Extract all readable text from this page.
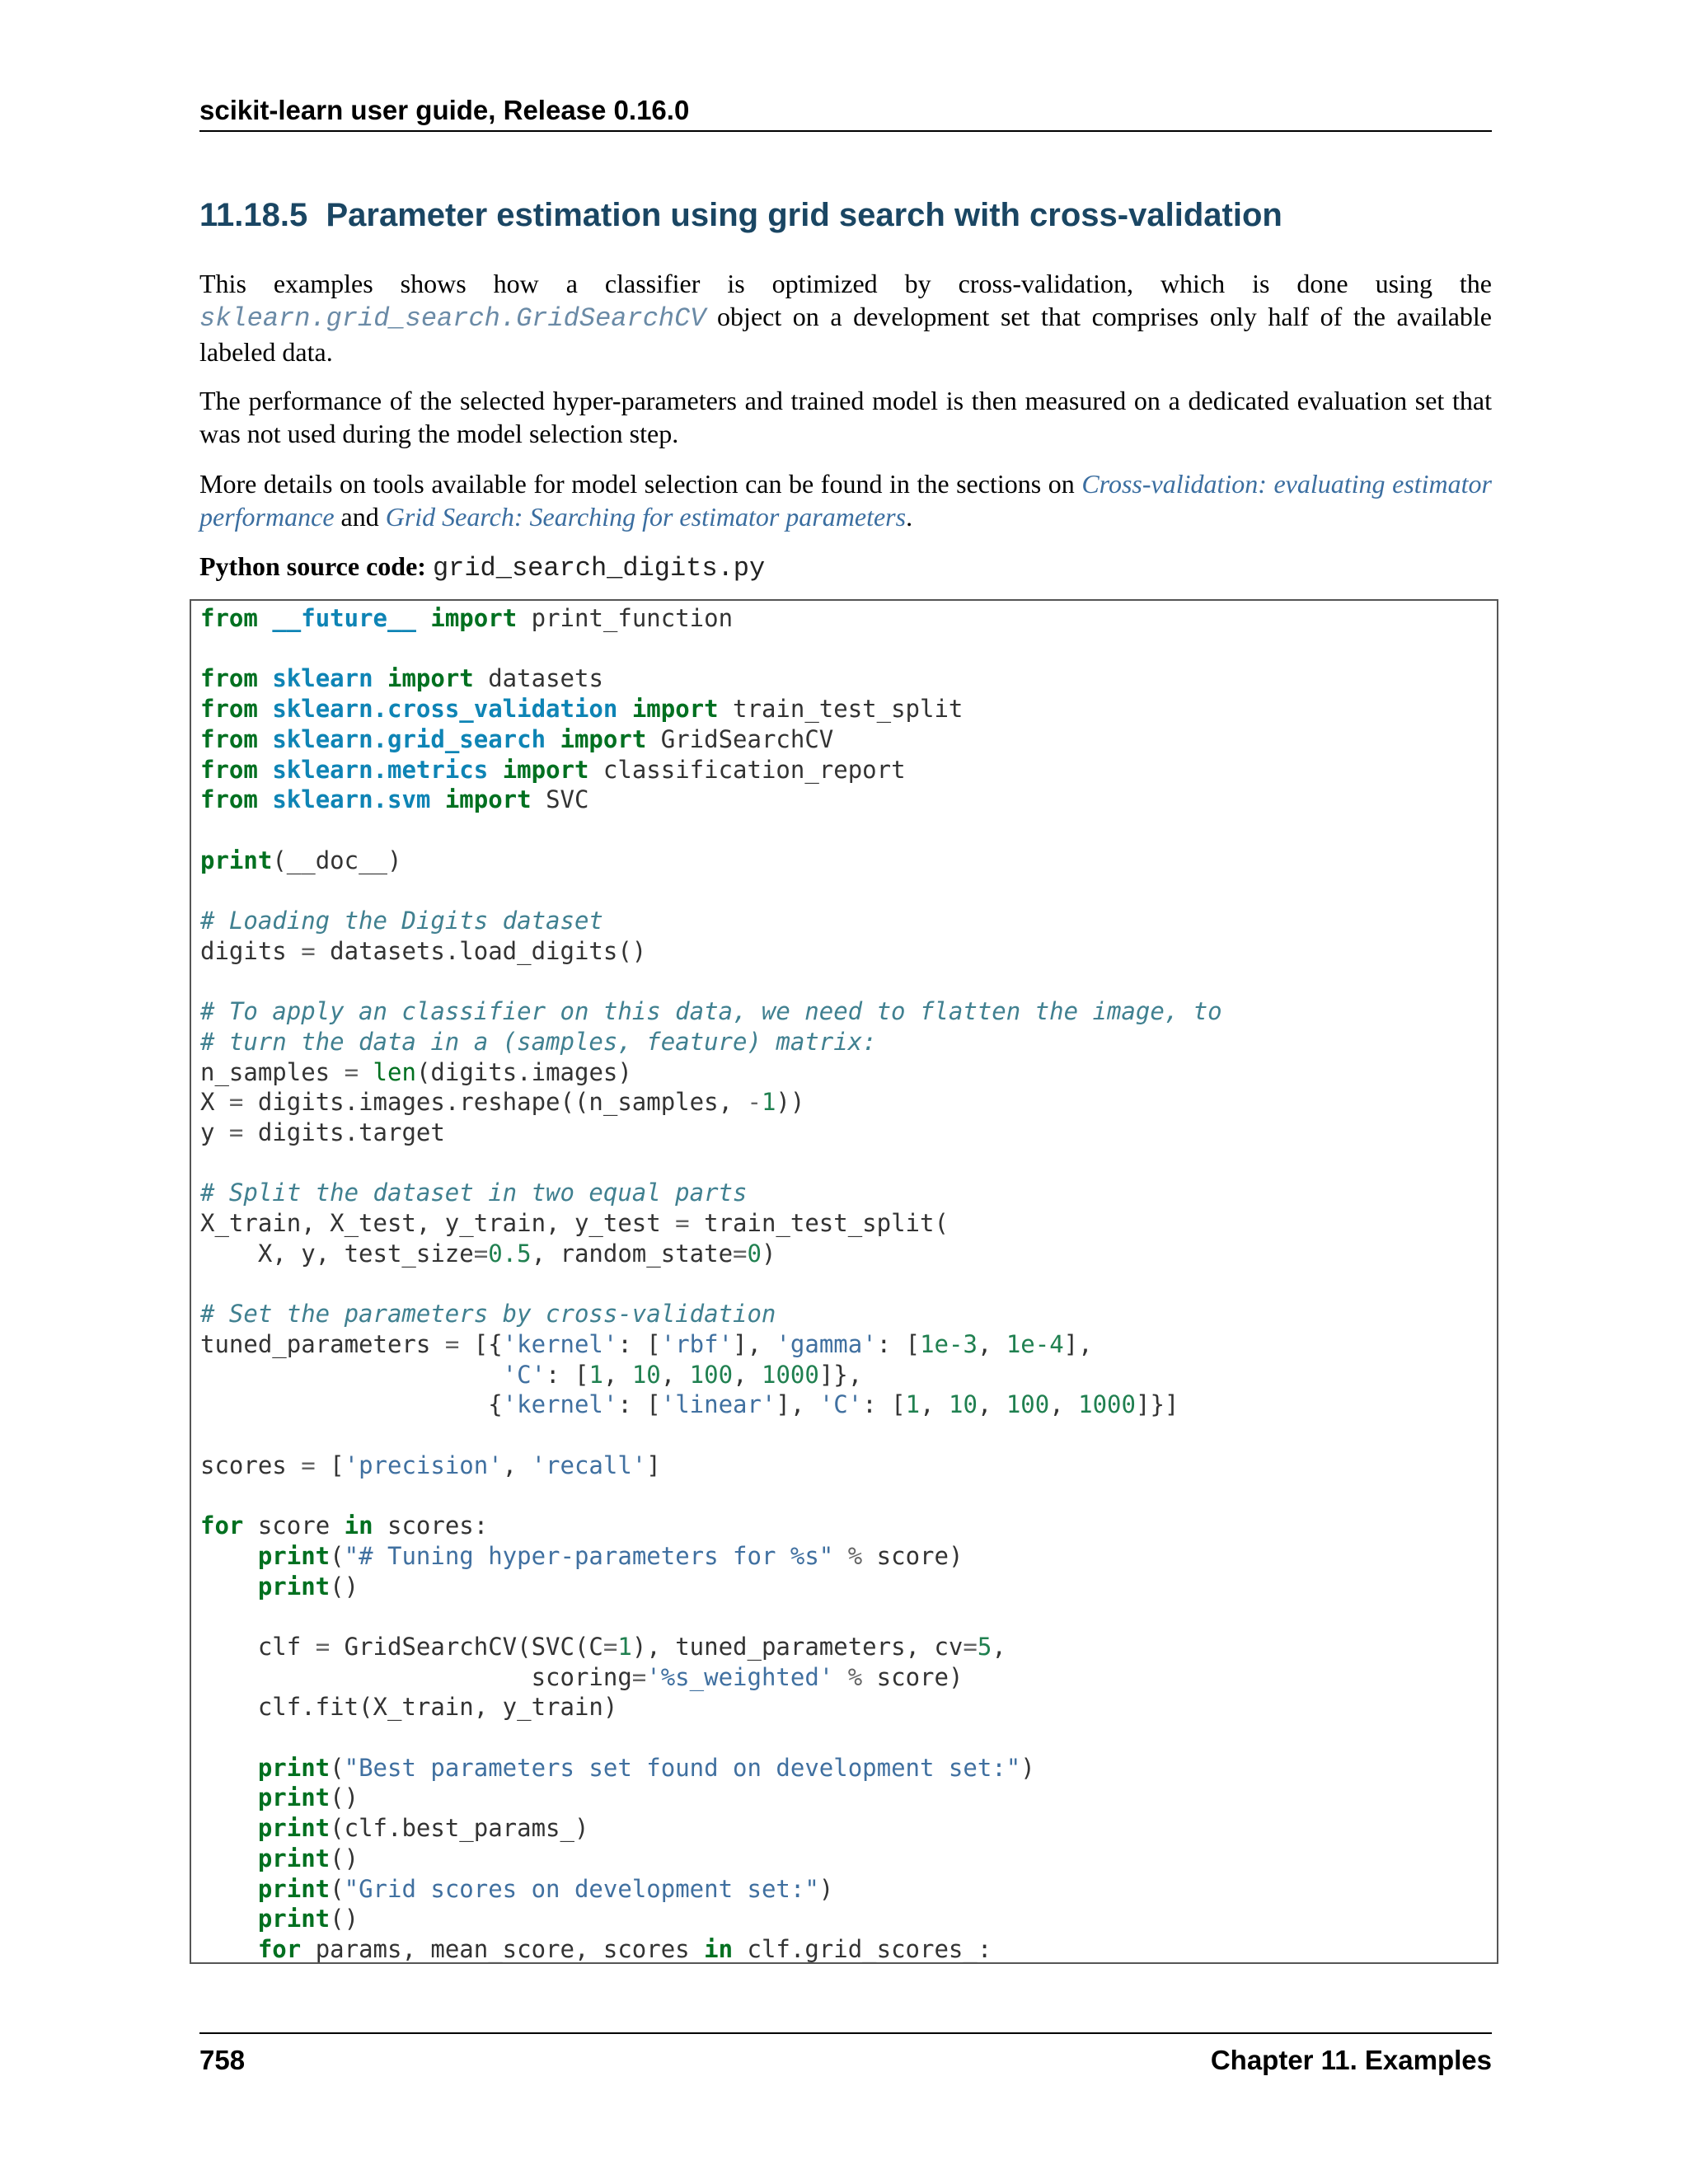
scikit-learn user guide, Release 0.16.0
11.18.5 Parameter estimation using grid search with cross-validation

This examples shows how a classifier is optimized by cross-validation, which is done using the sklearn.grid_search.GridSearchCV object on a development set that comprises only half of the available labeled data.

The performance of the selected hyper-parameters and trained model is then measured on a dedicated evaluation set that was not used during the model selection step.

More details on tools available for model selection can be found in the sections on Cross-validation: evaluating estimator performance and Grid Search: Searching for estimator parameters.

Python source code: grid_search_digits.py
from __future__ import print_function

from sklearn import datasets
from sklearn.cross_validation import train_test_split
from sklearn.grid_search import GridSearchCV
from sklearn.metrics import classification_report
from sklearn.svm import SVC

print(__doc__)

# Loading the Digits dataset
digits = datasets.load_digits()

# To apply an classifier on this data, we need to flatten the image, to
# turn the data in a (samples, feature) matrix:
n_samples = len(digits.images)
X = digits.images.reshape((n_samples, -1))
y = digits.target

# Split the dataset in two equal parts
X_train, X_test, y_train, y_test = train_test_split(
X, y, test_size=0.5, random_state=0)

# Set the parameters by cross-validation
tuned_parameters = [{'kernel': ['rbf'], 'gamma': [1e-3, 1e-4],
'C': [1, 10, 100, 1000]},
{'kernel': ['linear'], 'C': [1, 10, 100, 1000]}]

scores = ['precision', 'recall']

for score in scores:
print("# Tuning hyper-parameters for %s" % score)
print()

clf = GridSearchCV(SVC(C=1), tuned_parameters, cv=5,
scoring='%s_weighted' % score)
clf.fit(X_train, y_train)

print("Best parameters set found on development set:")
print()
print(clf.best_params_)
print()
print("Grid scores on development set:")
print()
for params, mean_score, scores in clf.grid_scores_:
758	Chapter 11. Examples
